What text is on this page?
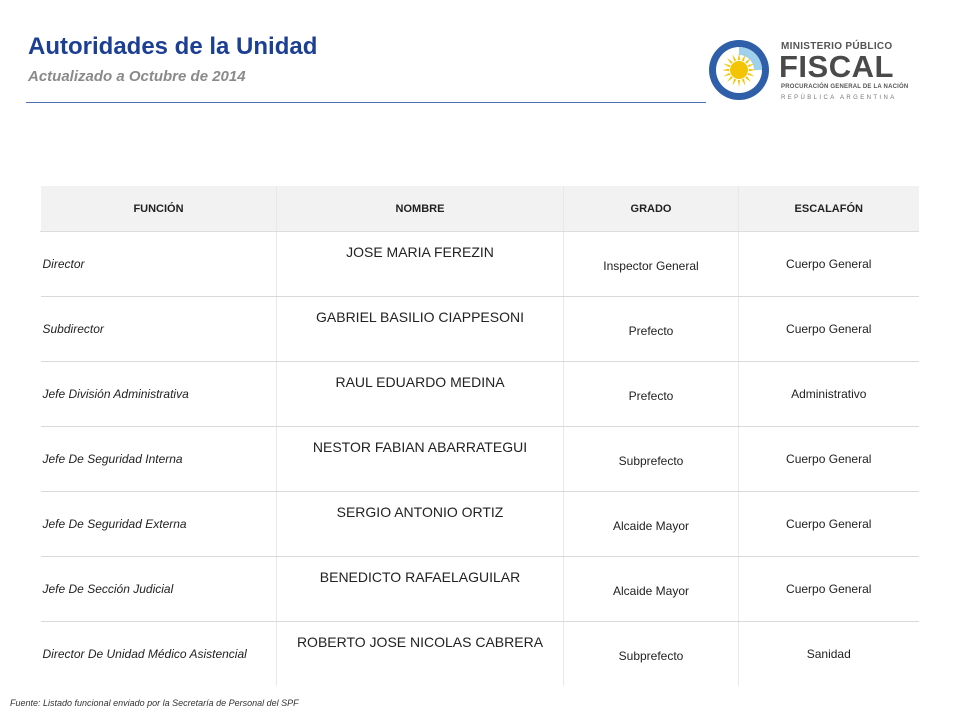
Autoridades de la Unidad
Actualizado a Octubre de 2014
MINISTERIO PÚBLICO
FISCAL
PROCURACIÓN GENERAL DE LA NACIÓN
REPÚBLICA ARGENTINA
FUNCIÓN	NOMBRE	GRADO	ESCALAFÓN
Director	JOSE MARIA FEREZIN	Inspector General	Cuerpo General
Subdirector	GABRIEL BASILIO CIAPPESONI	Prefecto	Cuerpo General
Jefe División Administrativa	RAUL EDUARDO MEDINA	Prefecto	Administrativo
Jefe De Seguridad Interna	NESTOR FABIAN ABARRATEGUI	Subprefecto	Cuerpo General
Jefe De Seguridad Externa	SERGIO ANTONIO ORTIZ	Alcaide Mayor	Cuerpo General
Jefe De Sección Judicial	BENEDICTO RAFAELAGUILAR	Alcaide Mayor	Cuerpo General
Director De Unidad Médico Asistencial	ROBERTO JOSE NICOLAS CABRERA	Subprefecto	Sanidad
Fuente: Listado funcional enviado por la Secretaría de Personal del SPF
